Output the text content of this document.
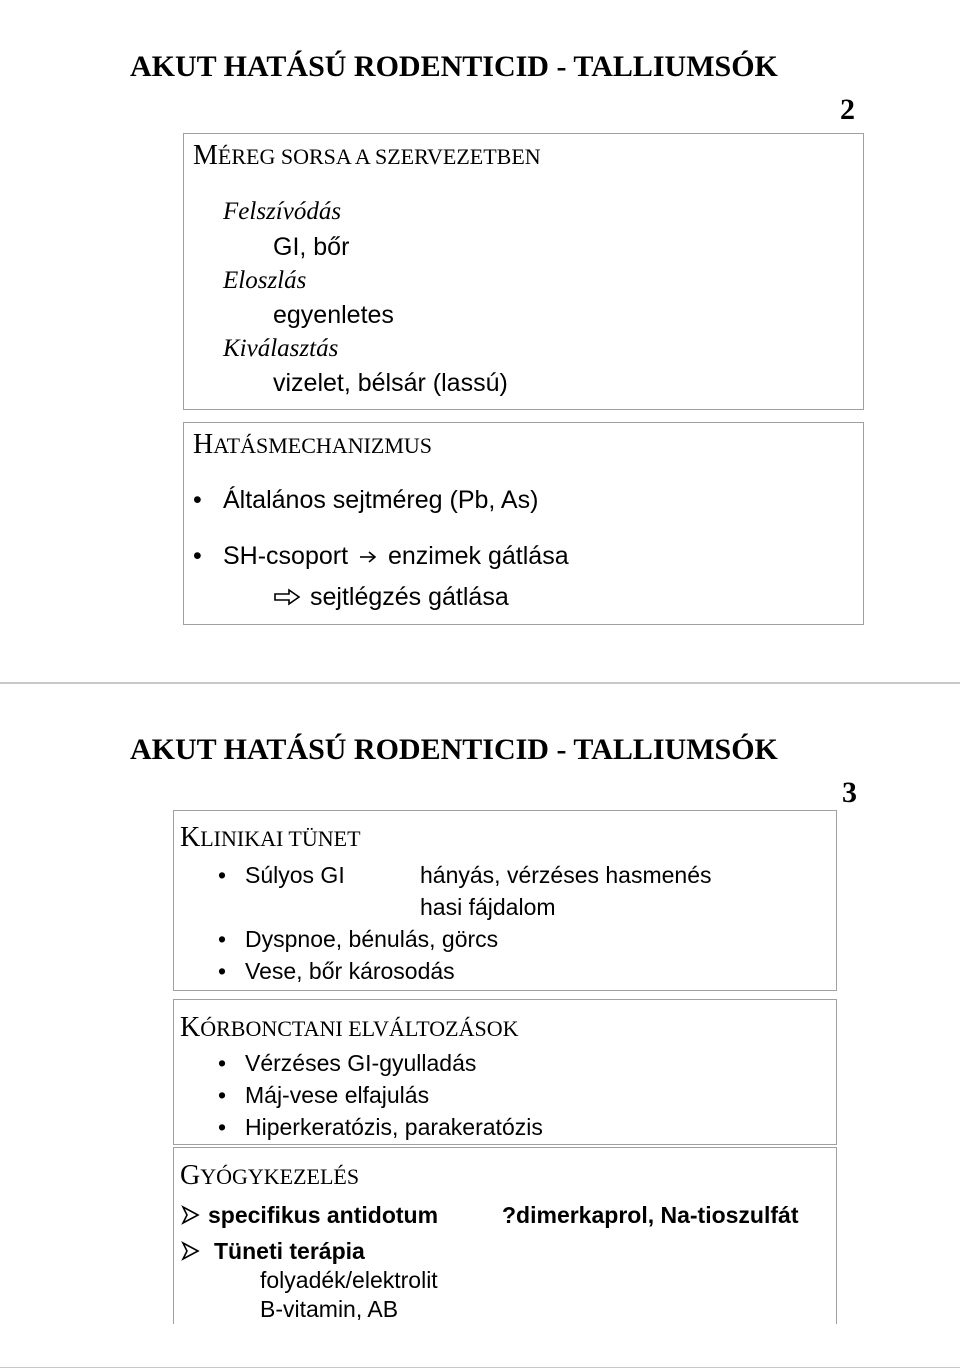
AKUT HATÁSÚ RODENTICID - TALLIUMSÓK
2
MÉREG SORSA A SZERVEZETBEN
Felszívódás
GI, bőr
Eloszlás
egyenletes
Kiválasztás
vizelet, bélsár (lassú)
HATÁSMECHANIZMUS
• Általános sejtméreg (Pb, As)
• SH-csoport enzimek gátlása
sejtlégzés gátlása
AKUT HATÁSÚ RODENTICID - TALLIUMSÓK
3
KLINIKAI TÜNET
• Súlyos GI	hányás, vérzéses hasmenés
hasi fájdalom
• Dyspnoe, bénulás, görcs
• Vese, bőr károsodás
KÓRBONCTANI ELVÁLTOZÁSOK
• Vérzéses GI-gyulladás
• Máj-vese elfajulás
• Hiperkeratózis, parakeratózis
GYÓGYKEZELÉS
specifikus antidotum	?dimerkaprol, Na-tioszulfát
Tüneti terápia
folyadék/elektrolit
B-vitamin, AB
